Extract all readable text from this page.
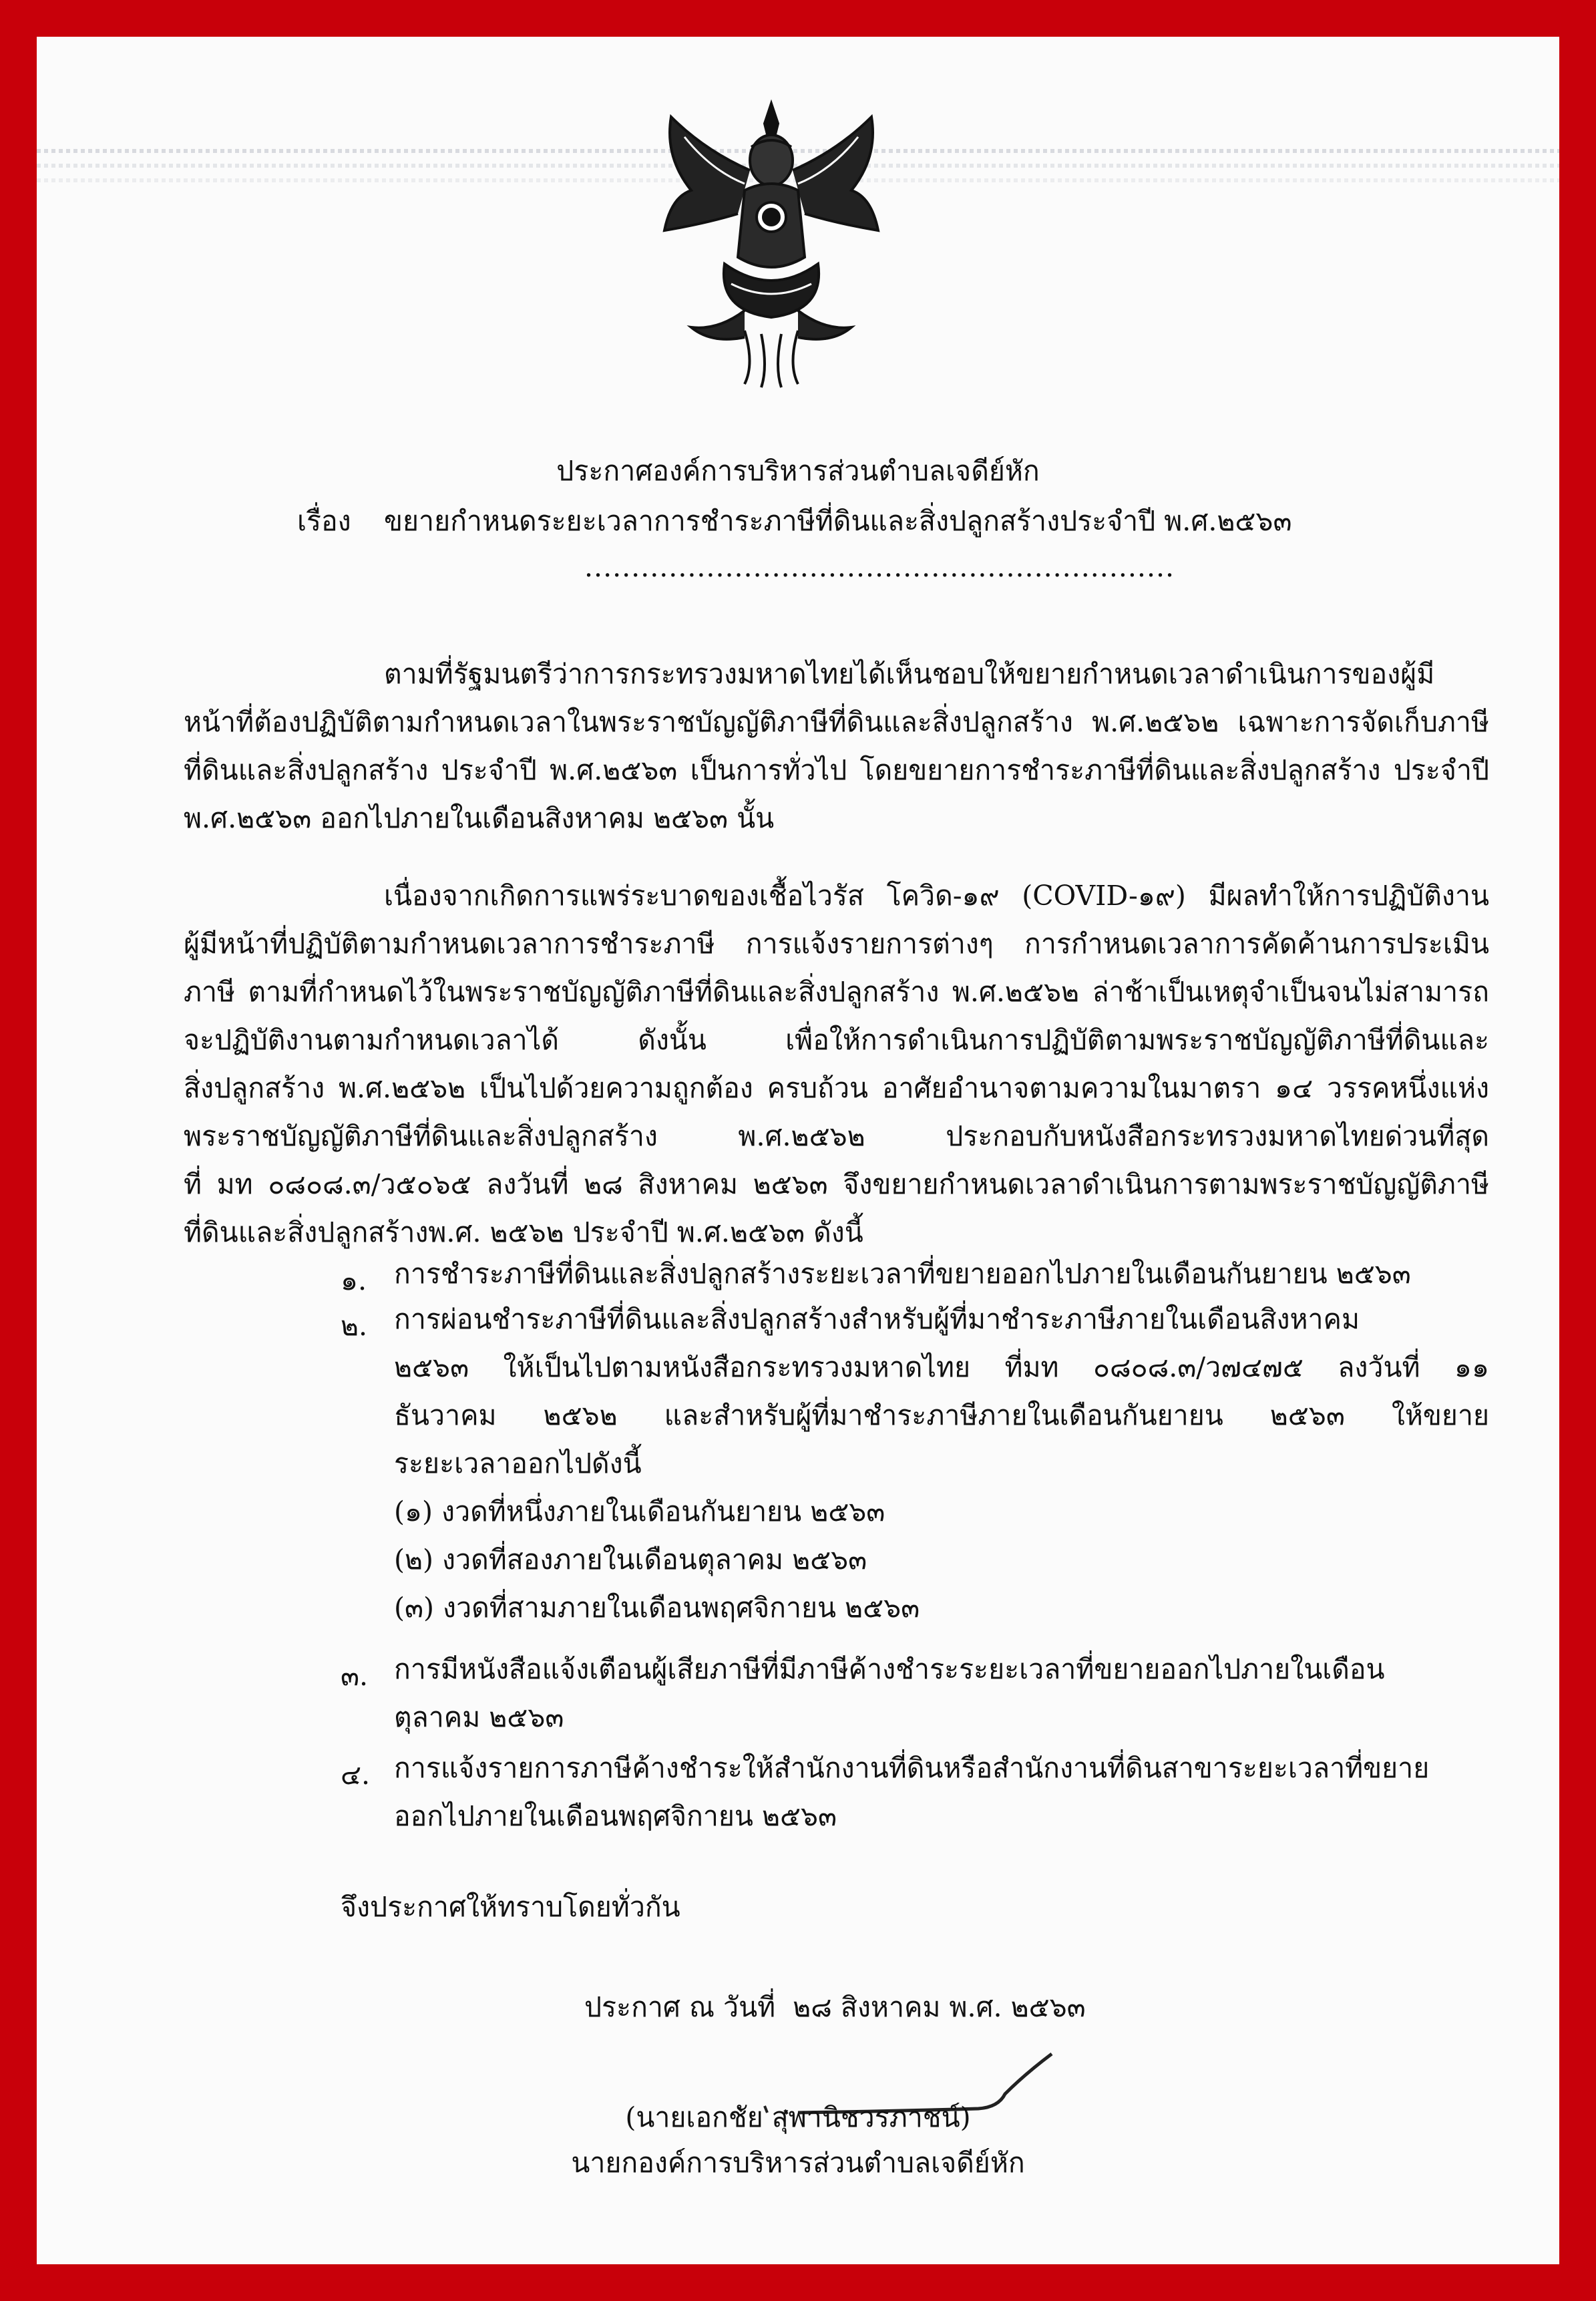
ประกาศองค์การบริหารส่วนตำบลเจดีย์หัก
เรื่อง ขยายกำหนดระยะเวลาการชำระภาษีที่ดินและสิ่งปลูกสร้างประจำปี พ.ศ.๒๕๖๓
...............................................................
ตามที่รัฐมนตรีว่าการกระทรวงมหาดไทยได้เห็นชอบให้ขยายกำหนดเวลาดำเนินการของผู้มี
หน้าที่ต้องปฏิบัติตามกำหนดเวลาในพระราชบัญญัติภาษีที่ดินและสิ่งปลูกสร้าง พ.ศ.๒๕๖๒ เฉพาะการจัดเก็บภาษี
ที่ดินและสิ่งปลูกสร้าง ประจำปี พ.ศ.๒๕๖๓ เป็นการทั่วไป โดยขยายการชำระภาษีที่ดินและสิ่งปลูกสร้าง ประจำปี
พ.ศ.๒๕๖๓ ออกไปภายในเดือนสิงหาคม ๒๕๖๓ นั้น
เนื่องจากเกิดการแพร่ระบาดของเชื้อไวรัส โควิด-๑๙ (COVID-๑๙) มีผลทำให้การปฏิบัติงาน
ผู้มีหน้าที่ปฏิบัติตามกำหนดเวลาการชำระภาษี การแจ้งรายการต่างๆ การกำหนดเวลาการคัดค้านการประเมิน
ภาษี ตามที่กำหนดไว้ในพระราชบัญญัติภาษีที่ดินและสิ่งปลูกสร้าง พ.ศ.๒๕๖๒ ล่าช้าเป็นเหตุจำเป็นจนไม่สามารถ
จะปฏิบัติงานตามกำหนดเวลาได้ ดังนั้น เพื่อให้การดำเนินการปฏิบัติตามพระราชบัญญัติภาษีที่ดินและ
สิ่งปลูกสร้าง พ.ศ.๒๕๖๒ เป็นไปด้วยความถูกต้อง ครบถ้วน อาศัยอำนาจตามความในมาตรา ๑๔ วรรคหนึ่งแห่ง
พระราชบัญญัติภาษีที่ดินและสิ่งปลูกสร้าง พ.ศ.๒๕๖๒ ประกอบกับหนังสือกระทรวงมหาดไทยด่วนที่สุด
ที่ มท ๐๘๐๘.๓/ว๕๐๖๕ ลงวันที่ ๒๘ สิงหาคม ๒๕๖๓ จึงขยายกำหนดเวลาดำเนินการตามพระราชบัญญัติภาษี
ที่ดินและสิ่งปลูกสร้างพ.ศ. ๒๕๖๒ ประจำปี พ.ศ.๒๕๖๓ ดังนี้
๑. การชำระภาษีที่ดินและสิ่งปลูกสร้างระยะเวลาที่ขยายออกไปภายในเดือนกันยายน ๒๕๖๓
๒. การผ่อนชำระภาษีที่ดินและสิ่งปลูกสร้างสำหรับผู้ที่มาชำระภาษีภายในเดือนสิงหาคม
๒๕๖๓ ให้เป็นไปตามหนังสือกระทรวงมหาดไทย ที่มท ๐๘๐๘.๓/ว๗๔๗๕ ลงวันที่ ๑๑
ธันวาคม ๒๕๖๒ และสำหรับผู้ที่มาชำระภาษีภายในเดือนกันยายน ๒๕๖๓ ให้ขยาย
ระยะเวลาออกไปดังนี้
(๑) งวดที่หนึ่งภายในเดือนกันยายน ๒๕๖๓
(๒) งวดที่สองภายในเดือนตุลาคม ๒๕๖๓
(๓) งวดที่สามภายในเดือนพฤศจิกายน ๒๕๖๓
๓. การมีหนังสือแจ้งเตือนผู้เสียภาษีที่มีภาษีค้างชำระระยะเวลาที่ขยายออกไปภายในเดือน
ตุลาคม ๒๕๖๓
๔. การแจ้งรายการภาษีค้างชำระให้สำนักงานที่ดินหรือสำนักงานที่ดินสาขาระยะเวลาที่ขยาย
ออกไปภายในเดือนพฤศจิกายน ๒๕๖๓
จึงประกาศให้ทราบโดยทั่วกัน
ประกาศ ณ วันที่  ๒๘ สิงหาคม พ.ศ. ๒๕๖๓
(นายเอกชัย สุพานิชวรภาชน์)
นายกองค์การบริหารส่วนตำบลเจดีย์หัก
